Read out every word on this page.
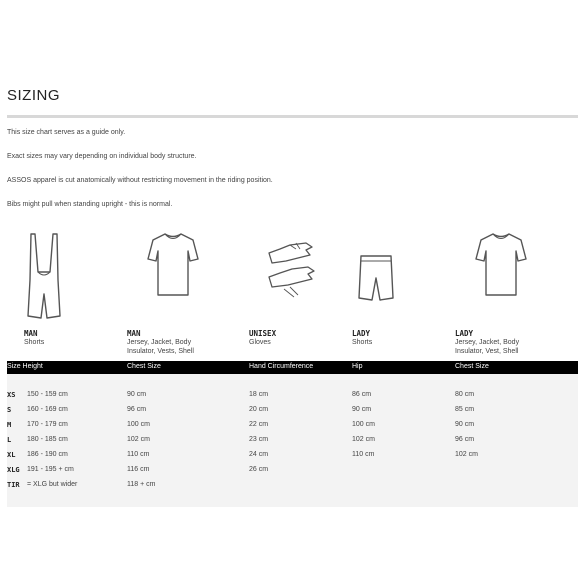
SIZING
This size chart serves as a guide only.
Exact sizes may vary depending on individual body structure.
ASSOS apparel is cut anatomically without restricting movement in the riding position.
Bibs might pull when standing upright - this is normal.
MAN
Shorts
MAN
Jersey, Jacket, Body
Insulator, Vests, Shell
UNISEX
Gloves
LADY
Shorts
LADY
Jersey, Jacket, Body
Insulator, Vest, Shell
Size Height	Chest Size	Hand Circumference	Hip	Chest Size
XS 150 - 159 cm	90 cm	18 cm	86 cm	80 cm
S 160 - 169 cm	96 cm	20 cm	90 cm	85 cm
M 170 - 179 cm	100 cm	22 cm	100 cm	90 cm
L 180 - 185 cm	102 cm	23 cm	102 cm	96 cm
XL 186 - 190 cm	110 cm	24 cm	110 cm	102 cm
XLG 191 - 195 + cm	116 cm	26 cm
TIR = XLG but wider	118 + cm
